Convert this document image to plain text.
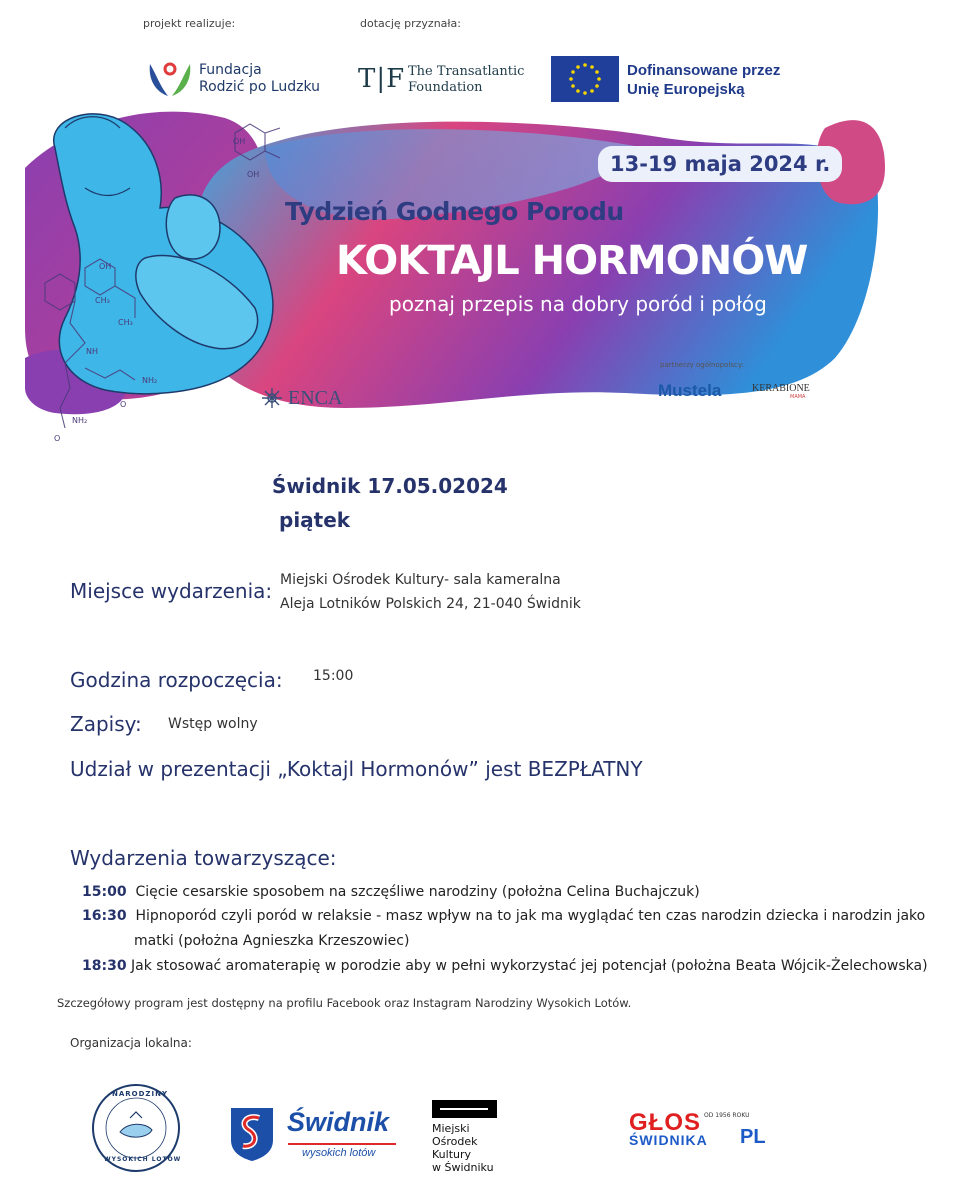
projekt realizuje:	dotację przyznała:
Fundacja
Rodzić po Ludzku T|F The Transatlantic
Foundation
Dofinansowane przez
Unię Europejską
OH
OH
OH
CH₃
CH₃
NH
NH₂
NH₂
O
O
13-19 maja 2024 r.
Tydzień Godnego Porodu
KOKTAJL HORMONÓW
poznaj przepis na dobry poród i połóg
partnerzy ogólnopolscy:
Mustela	KERABIONE
MAMA
ENCA
Świdnik 17.05.02024
piątek
Miejsce wydarzenia: Miejski Ośrodek Kultury- sala kameralna
Aleja Lotników Polskich 24, 21-040 Świdnik
Godzina rozpoczęcia: 15:00
Zapisy: Wstęp wolny
Udział w prezentacji „Koktajl Hormonów” jest BEZPŁATNY
Wydarzenia towarzyszące:
15:00 Cięcie cesarskie sposobem na szczęśliwe narodziny (położna Celina Buchajczuk)
16:30 Hipnoporód czyli poród w relaksie - masz wpływ na to jak ma wyglądać ten czas narodzin dziecka i narodzin jako
matki (położna Agnieszka Krzeszowiec)
18:30 Jak stosować aromaterapię w porodzie aby w pełni wykorzystać jej potencjał (położna Beata Wójcik-Żelechowska)
Szczegółowy program jest dostępny na profilu Facebook oraz Instagram Narodziny Wysokich Lotów.
Organizacja lokalna:
NARODZINY
WYSOKICH LOTÓW
Świdnik
wysokich lotów
Miejski
Ośrodek
Kultury
w Świdniku
GŁOS OD 1956 ROKU
ŚWIDNIKA PL
